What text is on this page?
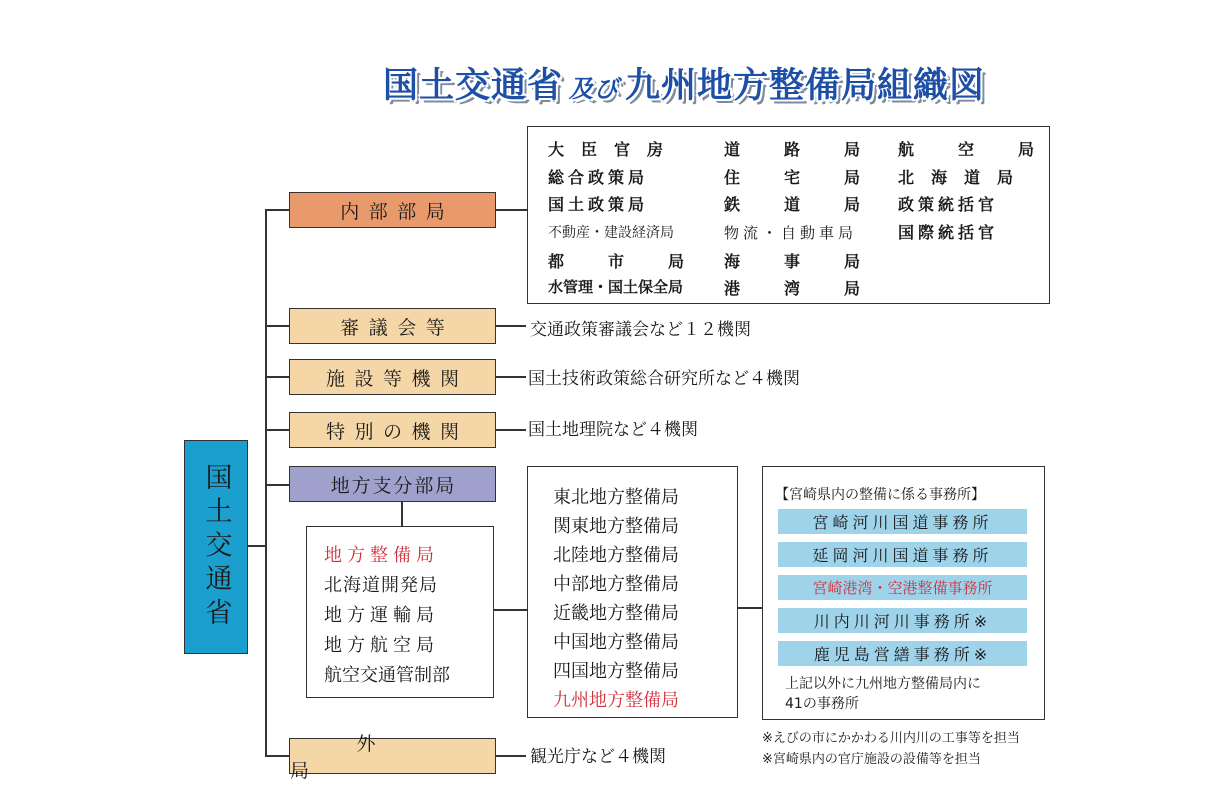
国土交通省 及び 九州地方整備局組織図
国土交通省
内部部局
審議会等
施設等機関
特別の機関
地方支分部局
外局
大臣官房
総合政策局
国土政策局
不動産・建設経済局
都市局
水管理・国土保全局
道路局
住宅局
鉄道局
物流・自動車局
海事局
港湾局
航空局
北海道局
政策統括官
国際統括官
交通政策審議会など１２機関
国土技術政策総合研究所など４機関
国土地理院など４機関
観光庁など４機関
地方整備局
北海道開発局
地方運輸局
地方航空局
航空交通管制部
東北地方整備局
関東地方整備局
北陸地方整備局
中部地方整備局
近畿地方整備局
中国地方整備局
四国地方整備局
九州地方整備局
【宮崎県内の整備に係る事務所】
宮崎河川国道事務所
延岡河川国道事務所
宮崎港湾・空港整備事務所
川内川河川事務所※
鹿児島営繕事務所※
上記以外に九州地方整備局内に
41の事務所
※えびの市にかかわる川内川の工事等を担当
※宮崎県内の官庁施設の設備等を担当
